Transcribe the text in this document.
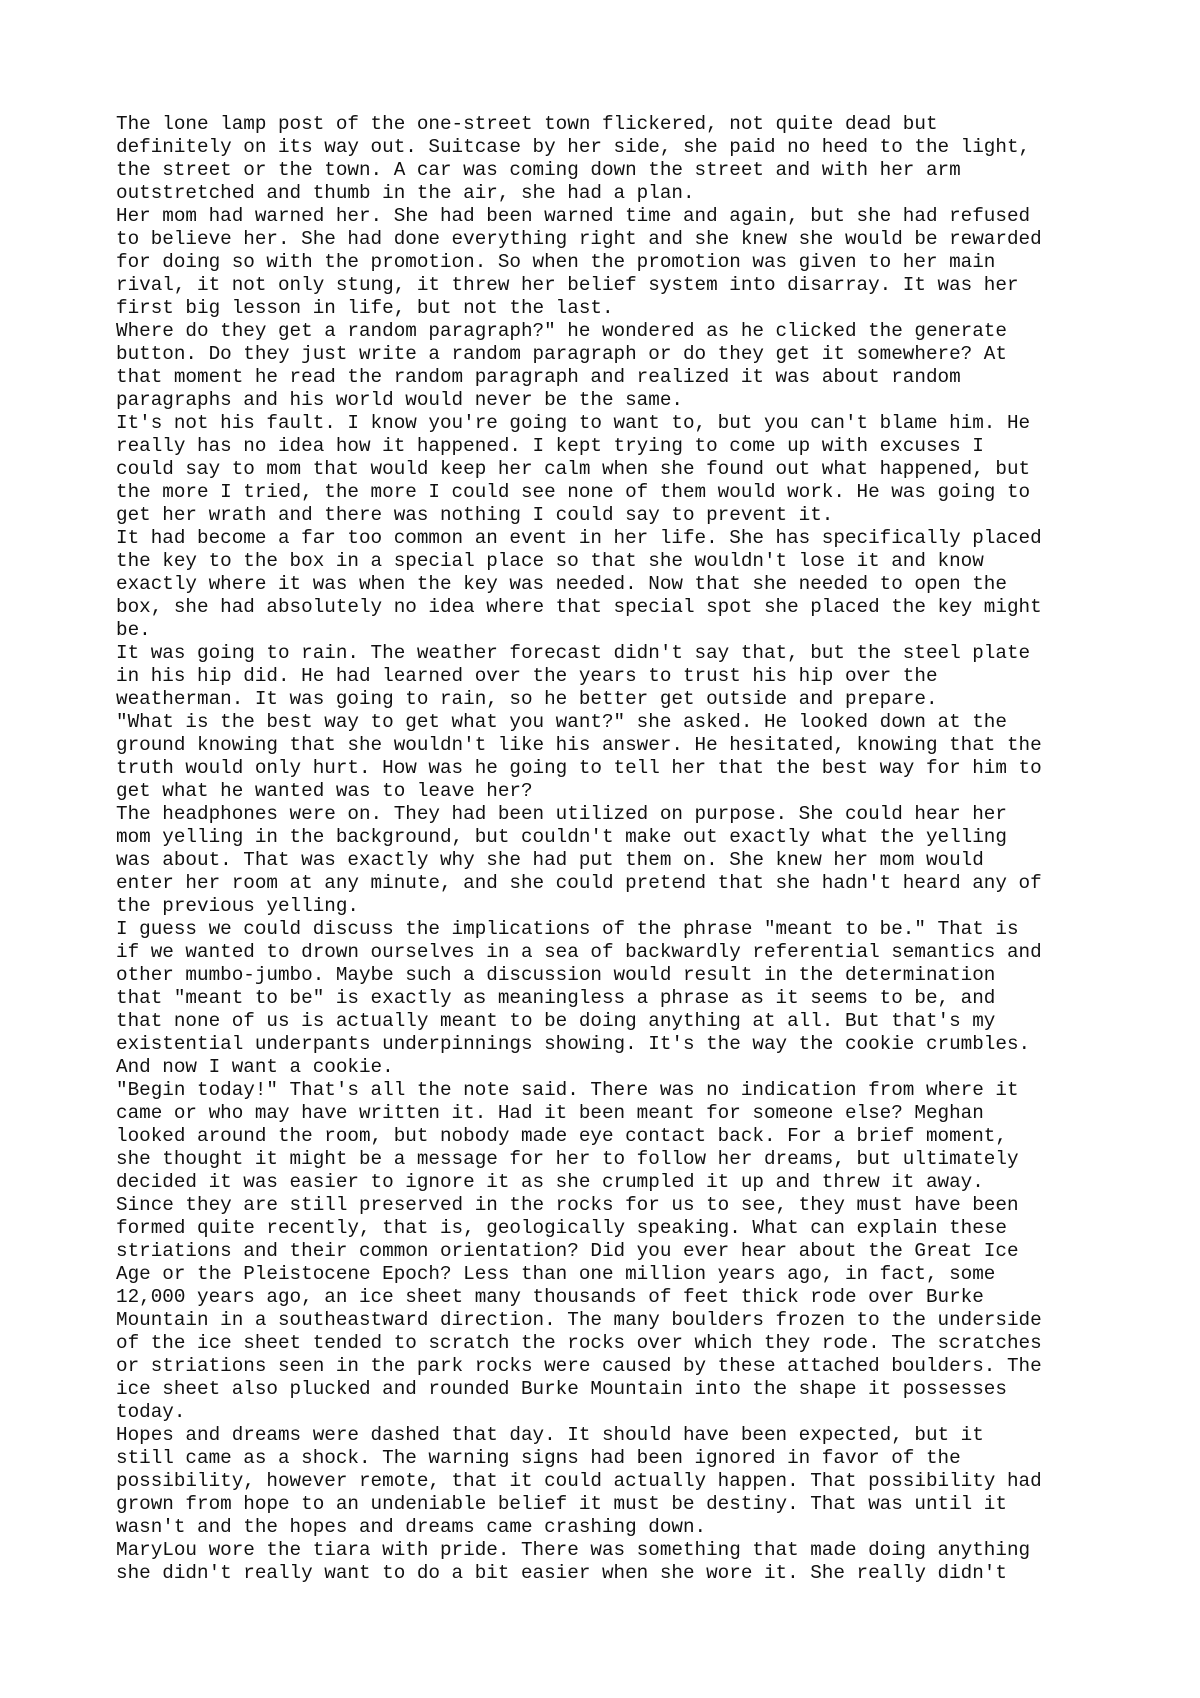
The lone lamp post of the one-street town flickered, not quite dead but
definitely on its way out. Suitcase by her side, she paid no heed to the light,
the street or the town. A car was coming down the street and with her arm
outstretched and thumb in the air, she had a plan.
Her mom had warned her. She had been warned time and again, but she had refused
to believe her. She had done everything right and she knew she would be rewarded
for doing so with the promotion. So when the promotion was given to her main
rival, it not only stung, it threw her belief system into disarray. It was her
first big lesson in life, but not the last.
Where do they get a random paragraph?" he wondered as he clicked the generate
button. Do they just write a random paragraph or do they get it somewhere? At
that moment he read the random paragraph and realized it was about random
paragraphs and his world would never be the same.
It's not his fault. I know you're going to want to, but you can't blame him. He
really has no idea how it happened. I kept trying to come up with excuses I
could say to mom that would keep her calm when she found out what happened, but
the more I tried, the more I could see none of them would work. He was going to
get her wrath and there was nothing I could say to prevent it.
It had become a far too common an event in her life. She has specifically placed
the key to the box in a special place so that she wouldn't lose it and know
exactly where it was when the key was needed. Now that she needed to open the
box, she had absolutely no idea where that special spot she placed the key might
be.
It was going to rain. The weather forecast didn't say that, but the steel plate
in his hip did. He had learned over the years to trust his hip over the
weatherman. It was going to rain, so he better get outside and prepare.
"What is the best way to get what you want?" she asked. He looked down at the
ground knowing that she wouldn't like his answer. He hesitated, knowing that the
truth would only hurt. How was he going to tell her that the best way for him to
get what he wanted was to leave her?
The headphones were on. They had been utilized on purpose. She could hear her
mom yelling in the background, but couldn't make out exactly what the yelling
was about. That was exactly why she had put them on. She knew her mom would
enter her room at any minute, and she could pretend that she hadn't heard any of
the previous yelling.
I guess we could discuss the implications of the phrase "meant to be." That is
if we wanted to drown ourselves in a sea of backwardly referential semantics and
other mumbo-jumbo. Maybe such a discussion would result in the determination
that "meant to be" is exactly as meaningless a phrase as it seems to be, and
that none of us is actually meant to be doing anything at all. But that's my
existential underpants underpinnings showing. It's the way the cookie crumbles.
And now I want a cookie.
"Begin today!" That's all the note said. There was no indication from where it
came or who may have written it. Had it been meant for someone else? Meghan
looked around the room, but nobody made eye contact back. For a brief moment,
she thought it might be a message for her to follow her dreams, but ultimately
decided it was easier to ignore it as she crumpled it up and threw it away.
Since they are still preserved in the rocks for us to see, they must have been
formed quite recently, that is, geologically speaking. What can explain these
striations and their common orientation? Did you ever hear about the Great Ice
Age or the Pleistocene Epoch? Less than one million years ago, in fact, some
12,000 years ago, an ice sheet many thousands of feet thick rode over Burke
Mountain in a southeastward direction. The many boulders frozen to the underside
of the ice sheet tended to scratch the rocks over which they rode. The scratches
or striations seen in the park rocks were caused by these attached boulders. The
ice sheet also plucked and rounded Burke Mountain into the shape it possesses
today.
Hopes and dreams were dashed that day. It should have been expected, but it
still came as a shock. The warning signs had been ignored in favor of the
possibility, however remote, that it could actually happen. That possibility had
grown from hope to an undeniable belief it must be destiny. That was until it
wasn't and the hopes and dreams came crashing down.
MaryLou wore the tiara with pride. There was something that made doing anything
she didn't really want to do a bit easier when she wore it. She really didn't
